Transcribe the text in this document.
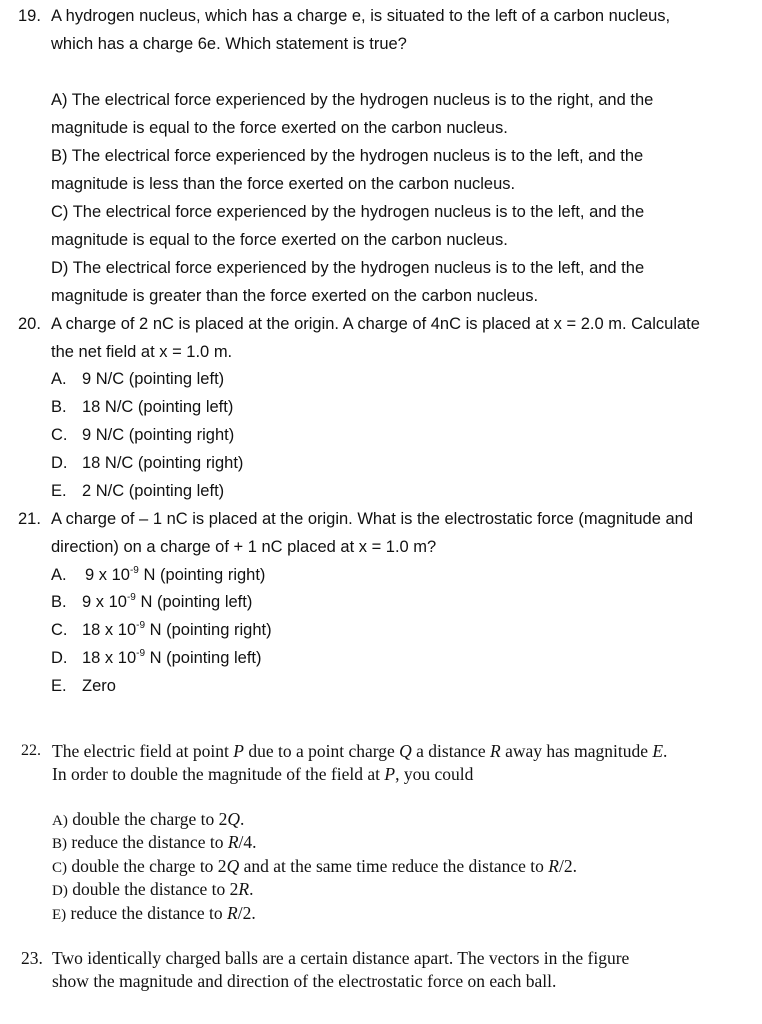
19. A hydrogen nucleus, which has a charge e, is situated to the left of a carbon nucleus,
which has a charge 6e. Which statement is true?
A) The electrical force experienced by the hydrogen nucleus is to the right, and the
magnitude is equal to the force exerted on the carbon nucleus.
B) The electrical force experienced by the hydrogen nucleus is to the left, and the
magnitude is less than the force exerted on the carbon nucleus.
C) The electrical force experienced by the hydrogen nucleus is to the left, and the
magnitude is equal to the force exerted on the carbon nucleus.
D) The electrical force experienced by the hydrogen nucleus is to the left, and the
magnitude is greater than the force exerted on the carbon nucleus.
20. A charge of 2 nC is placed at the origin. A charge of 4nC is placed at x = 2.0 m. Calculate
the net field at x = 1.0 m.
A. 9 N/C (pointing left)
B. 18 N/C (pointing left)
C. 9 N/C (pointing right)
D. 18 N/C (pointing right)
E. 2 N/C (pointing left)
21. A charge of – 1 nC is placed at the origin. What is the electrostatic force (magnitude and
direction) on a charge of + 1 nC placed at x = 1.0 m?
A. 9 x $10^{-9}$ N (pointing right)
B. 9 x $10^{-9}$ N (pointing left)
C. 18 x $10^{-9}$ N (pointing right)
D. 18 x $10^{-9}$ N (pointing left)
E. Zero
22. The electric field at point P due to a point charge Q a distance R away has magnitude E.
In order to double the magnitude of the field at P, you could
A) double the charge to 2Q.
B) reduce the distance to R/4.
C) double the charge to 2Q and at the same time reduce the distance to R/2.
D) double the distance to 2R.
E) reduce the distance to R/2.
23. Two identically charged balls are a certain distance apart. The vectors in the figure
show the magnitude and direction of the electrostatic force on each ball.
